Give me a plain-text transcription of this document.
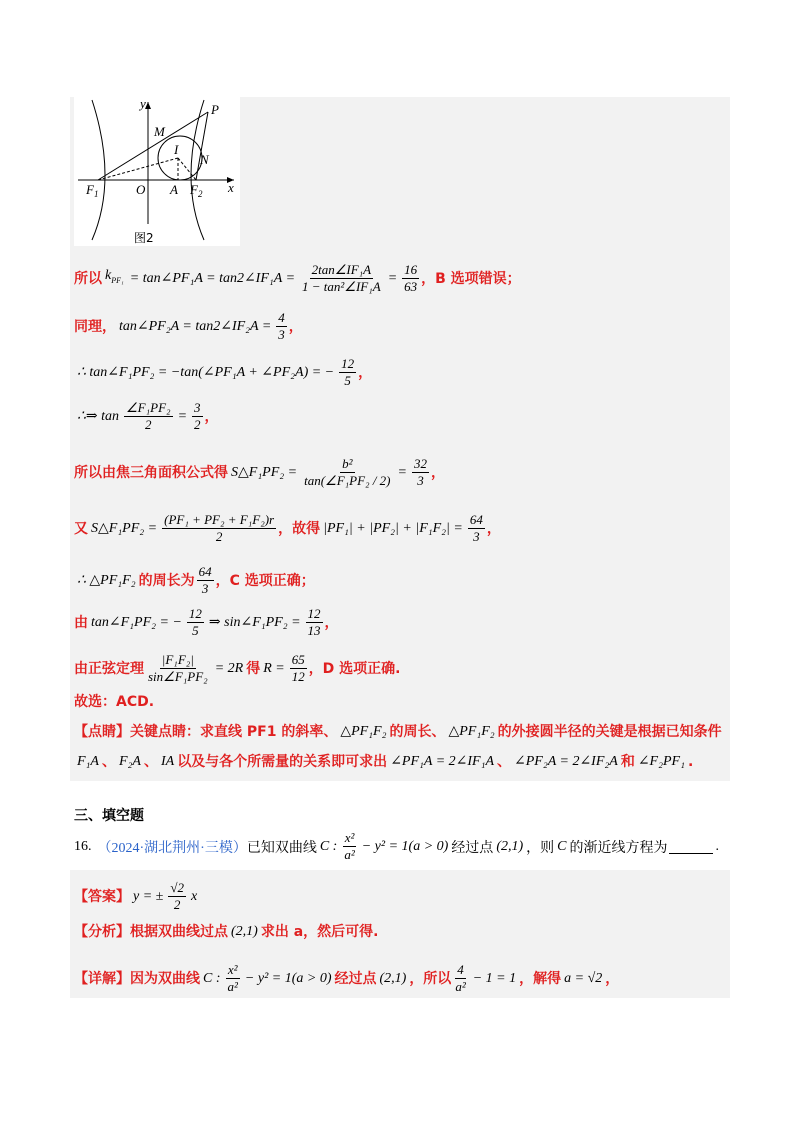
y
x
P
M
I
N
$F_1$	O A $F_2$
图2
所以 $k_{PF_1}$ = tan∠PF₁A = tan2∠IF₁A = $\frac{\text{2tan∠IF₁A}}{\text{1 − tan²∠IF₁A}} = \frac{16}{63}$ ，B 选项错误；
同理， tan∠PF₂A = tan2∠IF₂A = $\frac{4}{3}$ ，
∴ tan∠F₁PF₂ = −tan(∠PF₁A + ∠PF₂A) = − $\frac{12}{5}$ ，
∴⇒ $\tan \frac{\text{∠F₁PF₂}}{2} = \frac{3}{2}$ ，
所以由焦三角面积公式得 S△F₁PF₂ = $\frac{\text{b²}}{\text{tan(∠F₁PF₂ / 2)}} = \frac{32}{3}$ ，
又 S△F₁PF₂ = $\frac{\text{(PF₁ + PF₂ + F₁F₂)r}}{2}$ ，故得 $|PF_1| + |PF_2| + |F_1F_2| = \frac{64}{3}$ ，
∴ △PF₁F₂ 的周长为 $\frac{64}{3}$ ，C 选项正确；
由 tan∠F₁PF₂ = − $\frac{12}{5}$ ⇒ sin∠F₁PF₂ = $\frac{12}{13}$ ，
由正弦定理 $\frac{\text{|F₁F₂|}}{\text{sin∠F₁PF₂}} = 2R$ 得 $R = \frac{65}{12}$ ，D 选项正确.
故选：ACD.
【点睛】关键点睛：求直线 PF1 的斜率、 △PF₁F₂ 的周长、 △PF₁F₂ 的外接圆半径的关键是根据已知条件
F₁A 、 F₂A 、 IA 以及与各个所需量的关系即可求出 ∠PF₁A = 2∠IF₁A 、 ∠PF₂A = 2∠IF₂A 和 ∠F₂PF₁ .
三、填空题
16. （2024·湖北荆州·三模） 已知双曲线 C : $\frac{\text{x²}}{\text{a²}} - y^2 = 1(a > 0)$ 经过点 (2,1) ，则 C 的渐近线方程为	.
【答案】 y = ± $\frac{√2}{2}$ x
【分析】根据双曲线过点 (2,1) 求出 a，然后可得.
【详解】因为双曲线 C : $\frac{\text{x²}}{\text{a²}} - y^2 = 1(a > 0)$ 经过点 (2,1) ，所以 $\frac{4}{\text{a²}} - 1 = 1$ ，解得 a = √2 ，
